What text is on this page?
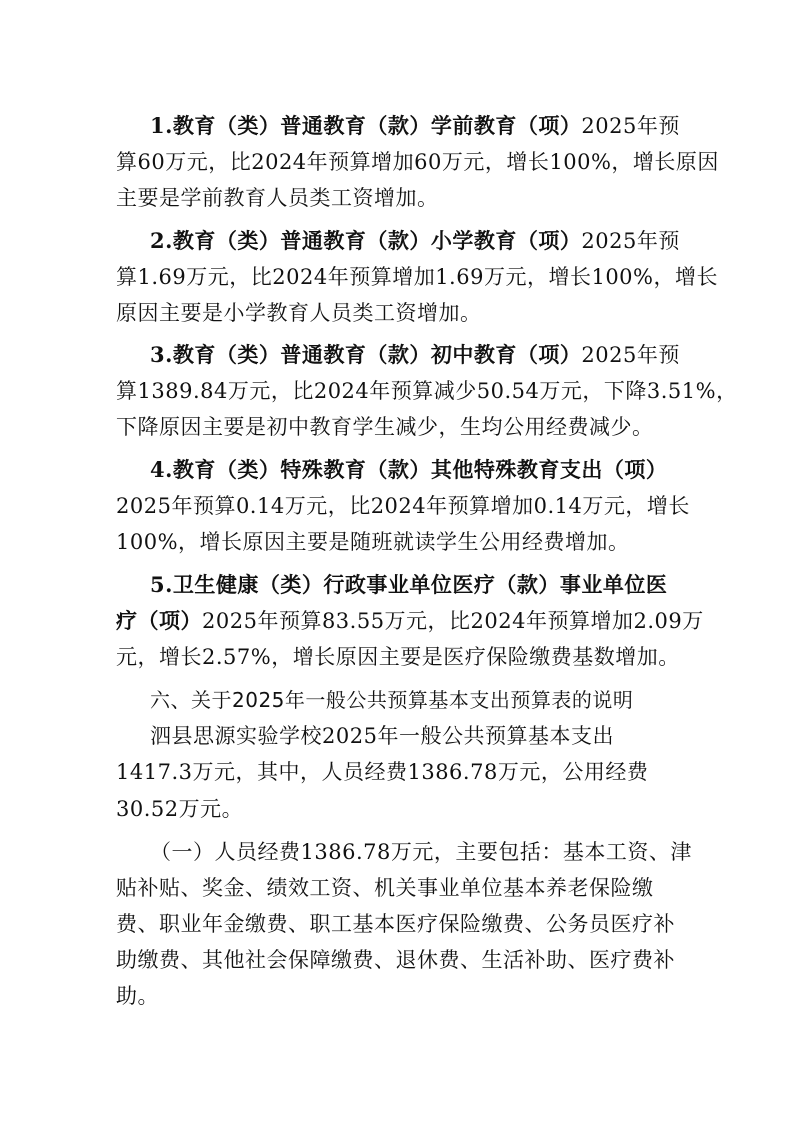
1.教育（类）普通教育（款）学前教育（项）2025年预
算60万元，比2024年预算增加60万元，增长100%，增长原因
主要是学前教育人员类工资增加。
2.教育（类）普通教育（款）小学教育（项）2025年预
算1.69万元，比2024年预算增加1.69万元，增长100%，增长
原因主要是小学教育人员类工资增加。
3.教育（类）普通教育（款）初中教育（项）2025年预
算1389.84万元，比2024年预算减少50.54万元，下降3.51%，
下降原因主要是初中教育学生减少，生均公用经费减少。
4.教育（类）特殊教育（款）其他特殊教育支出（项）
2025年预算0.14万元，比2024年预算增加0.14万元，增长
100%，增长原因主要是随班就读学生公用经费增加。
5.卫生健康（类）行政事业单位医疗（款）事业单位医
疗（项）2025年预算83.55万元，比2024年预算增加2.09万
元，增长2.57%，增长原因主要是医疗保险缴费基数增加。
六、关于2025年一般公共预算基本支出预算表的说明
泗县思源实验学校2025年一般公共预算基本支出
1417.3万元，其中，人员经费1386.78万元，公用经费
30.52万元。
（一）人员经费1386.78万元，主要包括：基本工资、津
贴补贴、奖金、绩效工资、机关事业单位基本养老保险缴
费、职业年金缴费、职工基本医疗保险缴费、公务员医疗补
助缴费、其他社会保障缴费、退休费、生活补助、医疗费补
助。
